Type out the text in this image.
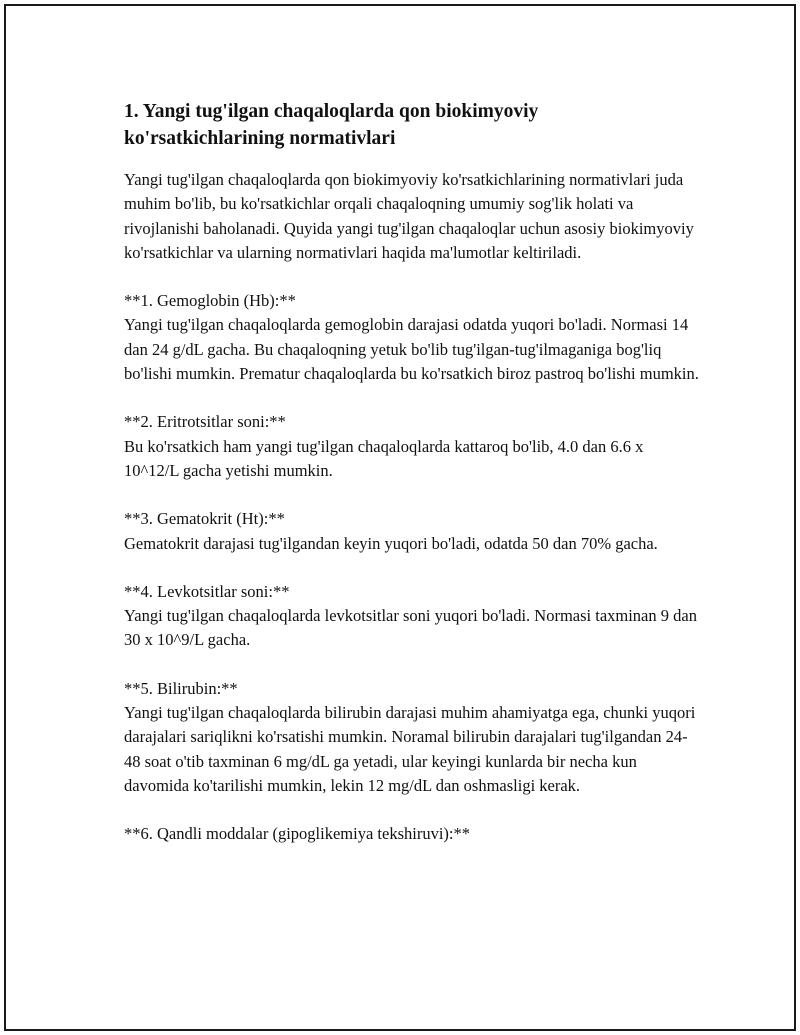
1. Yangi tug'ilgan chaqaloqlarda qon biokimyoviy
ko'rsatkichlarining normativlari

Yangi tug'ilgan chaqaloqlarda qon biokimyoviy ko'rsatkichlarining normativlari juda muhim bo'lib, bu ko'rsatkichlar orqali chaqaloqning umumiy sog'lik holati va rivojlanishi baholanadi. Quyida yangi tug'ilgan chaqaloqlar uchun asosiy biokimyoviy ko'rsatkichlar va ularning normativlari haqida ma'lumotlar keltiriladi.

**1. Gemoglobin (Hb):**

Yangi tug'ilgan chaqaloqlarda gemoglobin darajasi odatda yuqori bo'ladi. Normasi 14 dan 24 g/dL gacha. Bu chaqaloqning yetuk bo'lib tug'ilgan-tug'ilmaganiga bog'liq bo'lishi mumkin. Prematur chaqaloqlarda bu ko'rsatkich biroz pastroq bo'lishi mumkin.

**2. Eritrotsitlar soni:**

Bu ko'rsatkich ham yangi tug'ilgan chaqaloqlarda kattaroq bo'lib, 4.0 dan 6.6 x 10^12/L gacha yetishi mumkin.

**3. Gematokrit (Ht):**

Gematokrit darajasi tug'ilgandan keyin yuqori bo'ladi, odatda 50 dan 70% gacha.

**4. Levkotsitlar soni:**

Yangi tug'ilgan chaqaloqlarda levkotsitlar soni yuqori bo'ladi. Normasi taxminan 9 dan 30 x 10^9/L gacha.

**5. Bilirubin:**

Yangi tug'ilgan chaqaloqlarda bilirubin darajasi muhim ahamiyatga ega, chunki yuqori darajalari sariqlikni ko'rsatishi mumkin. Noramal bilirubin darajalari tug'ilgandan 24-48 soat o'tib taxminan 6 mg/dL ga yetadi, ular keyingi kunlarda bir necha kun davomida ko'tarilishi mumkin, lekin 12 mg/dL dan oshmasligi kerak.

**6. Qandli moddalar (gipoglikemiya tekshiruvi):**
